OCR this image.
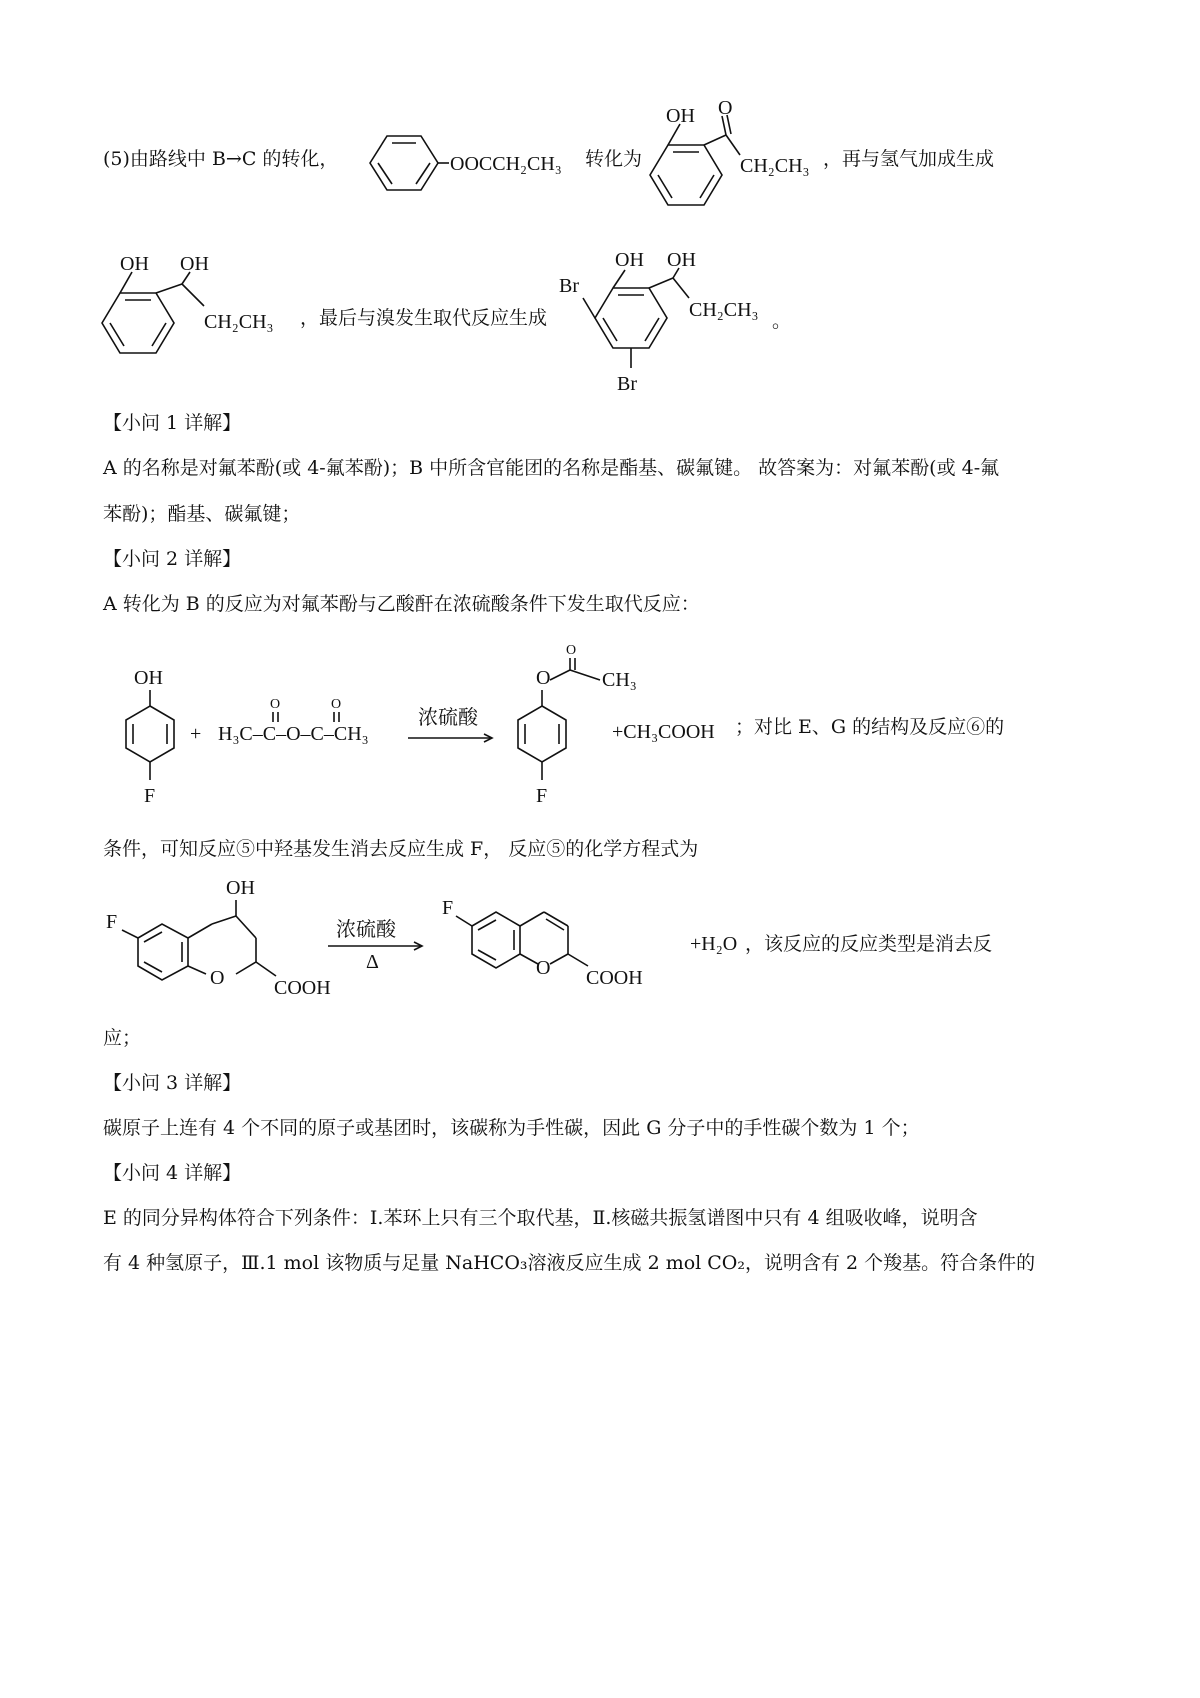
(5)由路线中 B→C 的转化，	OOCCH₂CH₃ 转化为
OH O
CH₂CH₃ ，再与氢气加成生成
OH OH
CH₂CH₃ ，最后与溴发生取代反应生成
Br
OH OH
CH₂CH₃
Br
。
【小问 1 详解】
A 的名称是对氟苯酚(或 4-氟苯酚)；B 中所含官能团的名称是酯基、碳氟键。 故答案为：对氟苯酚(或 4-氟
苯酚)；酯基、碳氟键；
【小问 2 详解】
A 转化为 B 的反应为对氟苯酚与乙酸酐在浓硫酸条件下发生取代反应：
OH
F
+ H₃C–C–O–C–CH₃
O	O
浓硫酸
O
O
CH₃
F
+CH₃COOH ；对比 E、G 的结构及反应⑥的
条件，可知反应⑤中羟基发生消去反应生成 F， 反应⑤的化学方程式为
OH
F
O COOH
浓硫酸
Δ
F
O COOH
+H₂O ，该反应的反应类型是消去反
应；
【小问 3 详解】
碳原子上连有 4 个不同的原子或基团时，该碳称为手性碳，因此 G 分子中的手性碳个数为 1 个；
【小问 4 详解】
E 的同分异构体符合下列条件：Ⅰ.苯环上只有三个取代基，Ⅱ.核磁共振氢谱图中只有 4 组吸收峰，说明含
有 4 种氢原子，Ⅲ.1 mol 该物质与足量 NaHCO₃溶液反应生成 2 mol CO₂，说明含有 2 个羧基。符合条件的
